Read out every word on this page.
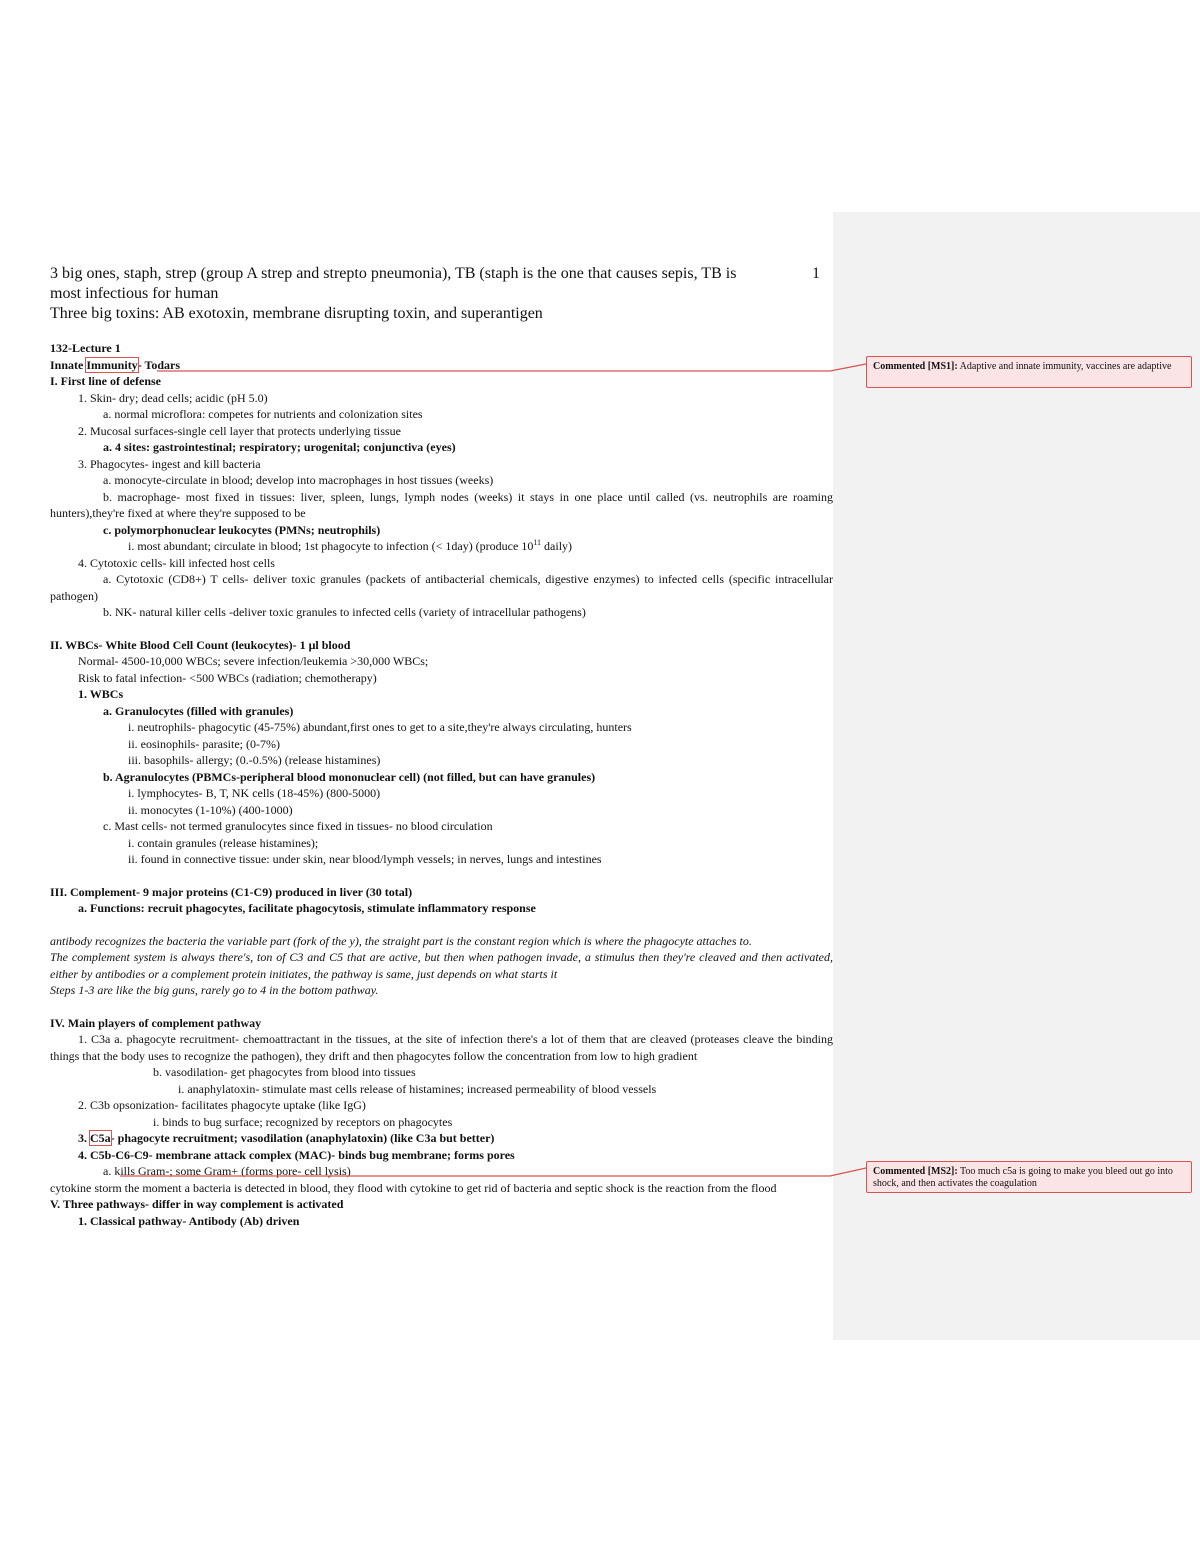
3 big ones, staph, strep (group A strep and strepto pneumonia), TB (staph is the one that causes sepis, TB is	1
most infectious for human
Three big toxins: AB exotoxin, membrane disrupting toxin, and superantigen
132-Lecture 1
Innate Immunity- Todars
I. First line of defense
1. Skin- dry; dead cells; acidic (pH 5.0)
a. normal microflora: competes for nutrients and colonization sites
2. Mucosal surfaces-single cell layer that protects underlying tissue
a. 4 sites: gastrointestinal; respiratory; urogenital; conjunctiva (eyes)
3. Phagocytes- ingest and kill bacteria
a. monocyte-circulate in blood; develop into macrophages in host tissues (weeks)
b. macrophage- most fixed in tissues: liver, spleen, lungs, lymph nodes (weeks) it stays in one place until called (vs. neutrophils are roaming hunters),they're fixed at where they're supposed to be
c. polymorphonuclear leukocytes (PMNs; neutrophils)
i. most abundant; circulate in blood; 1st phagocyte to infection (< 1day) (produce $10^{11}$ daily)
4. Cytotoxic cells- kill infected host cells
a. Cytotoxic (CD8+) T cells- deliver toxic granules (packets of antibacterial chemicals, digestive enzymes) to infected cells (specific intracellular pathogen)
b. NK- natural killer cells -deliver toxic granules to infected cells (variety of intracellular pathogens)
II. WBCs- White Blood Cell Count (leukocytes)- 1 μl blood
Normal- 4500-10,000 WBCs; severe infection/leukemia >30,000 WBCs;
Risk to fatal infection- <500 WBCs (radiation; chemotherapy)
1. WBCs
a. Granulocytes (filled with granules)
i. neutrophils- phagocytic (45-75%) abundant,first ones to get to a site,they're always circulating, hunters
ii. eosinophils- parasite; (0-7%)
iii. basophils- allergy; (0.-0.5%) (release histamines)
b. Agranulocytes (PBMCs-peripheral blood mononuclear cell) (not filled, but can have granules)
i. lymphocytes- B, T, NK cells (18-45%) (800-5000)
ii. monocytes (1-10%) (400-1000)
c. Mast cells- not termed granulocytes since fixed in tissues- no blood circulation
i. contain granules (release histamines);
ii. found in connective tissue: under skin, near blood/lymph vessels; in nerves, lungs and intestines
III. Complement- 9 major proteins (C1-C9) produced in liver (30 total)
a. Functions: recruit phagocytes, facilitate phagocytosis, stimulate inflammatory response
antibody recognizes the bacteria the variable part (fork of the y), the straight part is the constant region which is where the phagocyte attaches to.
The complement system is always there's, ton of C3 and C5 that are active, but then when pathogen invade, a stimulus then they're cleaved and then activated, either by antibodies or a complement protein initiates, the pathway is same, just depends on what starts it
Steps 1-3 are like the big guns, rarely go to 4 in the bottom pathway.
IV. Main players of complement pathway
1. C3a a. phagocyte recruitment- chemoattractant in the tissues, at the site of infection there's a lot of them that are cleaved (proteases cleave the binding things that the body uses to recognize the pathogen), they drift and then phagocytes follow the concentration from low to high gradient
b. vasodilation- get phagocytes from blood into tissues
i. anaphylatoxin- stimulate mast cells release of histamines; increased permeability of blood vessels
2. C3b opsonization- facilitates phagocyte uptake (like IgG)
i. binds to bug surface; recognized by receptors on phagocytes
3. C5a- phagocyte recruitment; vasodilation (anaphylatoxin) (like C3a but better)
4. C5b-C6-C9- membrane attack complex (MAC)- binds bug membrane; forms pores
a. kills Gram-; some Gram+ (forms pore- cell lysis)
cytokine storm the moment a bacteria is detected in blood, they flood with cytokine to get rid of bacteria and septic shock is the reaction from the flood
V. Three pathways- differ in way complement is activated
1. Classical pathway- Antibody (Ab) driven
Commented [MS1]: Adaptive and innate immunity, vaccines are adaptive
Commented [MS2]: Too much c5a is going to make you bleed out go into shock, and then activates the coagulation
